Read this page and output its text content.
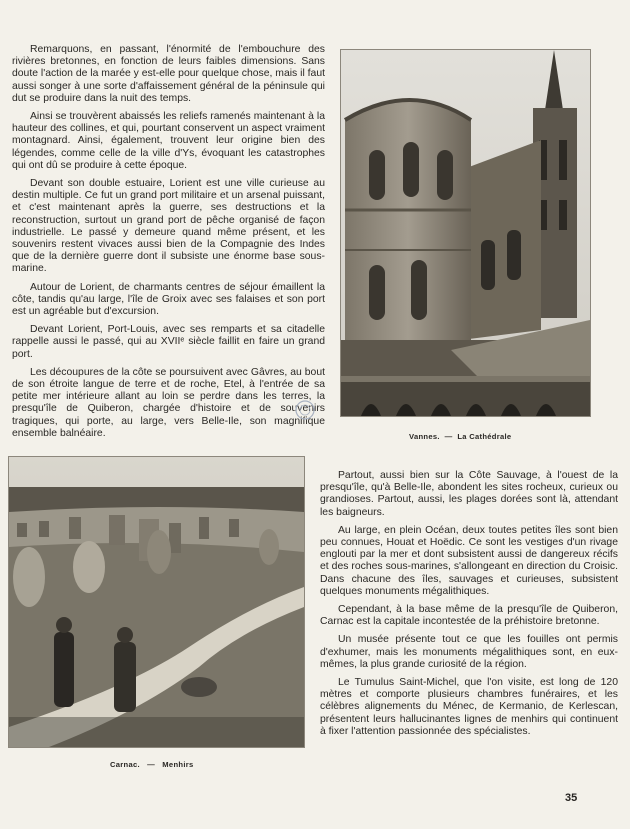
Remarquons, en passant, l'énormité de l'embouchure des rivières bretonnes, en fonction de leurs faibles dimensions. Sans doute l'action de la marée y est-elle pour quelque chose, mais il faut aussi songer à une sorte d'affaissement général de la péninsule qui dut se produire dans la nuit des temps.

Ainsi se trouvèrent abaissés les reliefs ramenés maintenant à la hauteur des collines, et qui, pourtant conservent un aspect vraiment montagnard. Ainsi, également, trouvent leur origine bien des légendes, comme celle de la ville d'Ys, évoquant les catastrophes qui ont dû se produire à cette époque.

Devant son double estuaire, Lorient est une ville curieuse au destin multiple. Ce fut un grand port militaire et un arsenal puissant, et c'est maintenant après la guerre, ses destructions et la reconstruction, surtout un grand port de pêche organisé de façon industrielle. Le passé y demeure quand même présent, et les souvenirs restent vivaces aussi bien de la Compagnie des Indes que de la dernière guerre dont il subsiste une énorme base sous-marine.

Autour de Lorient, de charmants centres de séjour émaillent la côte, tandis qu'au large, l'île de Groix avec ses falaises et son port est un agréable but d'excursion.

Devant Lorient, Port-Louis, avec ses remparts et sa citadelle rappelle aussi le passé, qui au XVIIᵉ siècle faillit en faire un grand port.

Les découpures de la côte se poursuivent avec Gâvres, au bout de son étroite langue de terre et de roche, Etel, à l'entrée de sa petite mer intérieure allant au loin se perdre dans les terres, la presqu'île de Quiberon, chargée d'histoire et de souvenirs tragiques, qui porte, au large, vers Belle-Ile, son magnifique ensemble balnéaire.	Vannes.  —  La Cathédrale
Carnac.   —   Menhirs

Partout, aussi bien sur la Côte Sauvage, à l'ouest de la presqu'île, qu'à Belle-Ile, abondent les sites rocheux, curieux ou grandioses. Partout, aussi, les plages dorées sont là, attendant les baigneurs.

Au large, en plein Océan, deux toutes petites îles sont bien peu connues, Houat et Hoëdic. Ce sont les vestiges d'un rivage englouti par la mer et dont subsistent aussi de dangereux récifs et des roches sous-marines, s'allongeant en direction du Croisic. Dans chacune des îles, sauvages et curieuses, subsistent quelques monuments mégalithiques.

Cependant, à la base même de la presqu'île de Quiberon, Carnac est la capitale incontestée de la préhistoire bretonne.

Un musée présente tout ce que les fouilles ont permis d'exhumer, mais les monuments mégalithiques sont, en eux-mêmes, la plus grande curiosité de la région.

Le Tumulus Saint-Michel, que l'on visite, est long de 120 mètres et comporte plusieurs chambres funéraires, et les célèbres alignements du Ménec, de Kermanio, de Kerlescan, présentent leurs hallucinantes lignes de menhirs qui continuent à fixer l'attention passionnée des spécialistes.

35
